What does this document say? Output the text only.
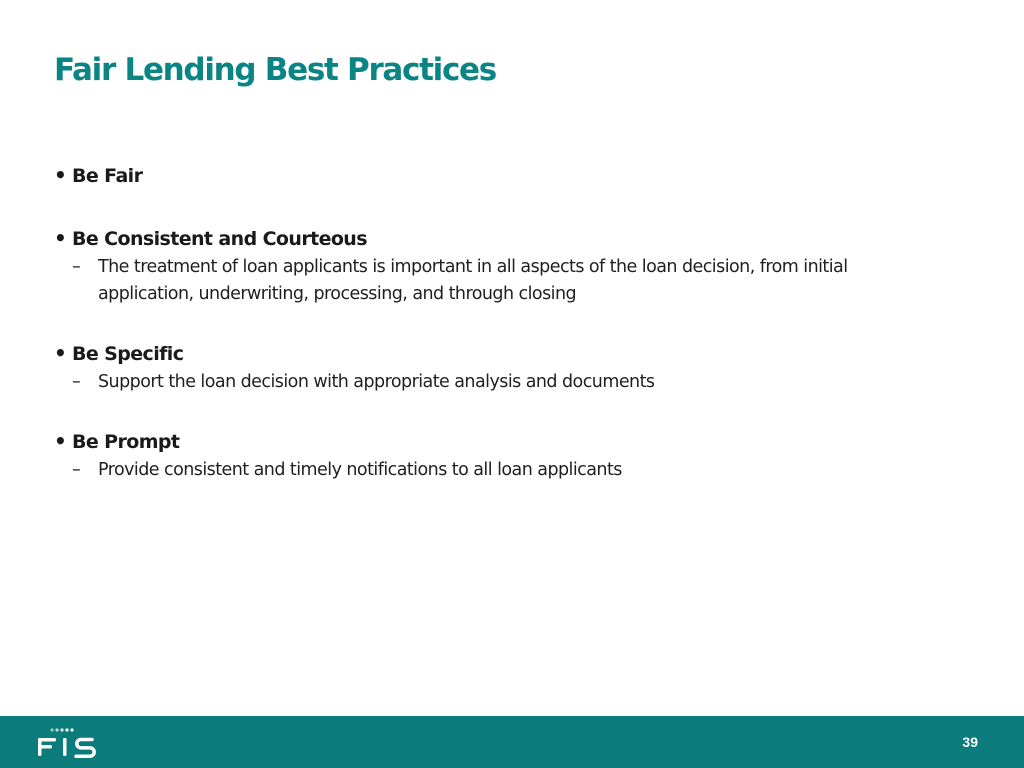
Fair Lending Best Practices
• Be Fair
• Be Consistent and Courteous
–	The treatment of loan applicants is important in all aspects of the loan decision, from initial application, underwriting, processing, and through closing
• Be Specific
–	Support the loan decision with appropriate analysis and documents
• Be Prompt
–	Provide consistent and timely notifications to all loan applicants
39
